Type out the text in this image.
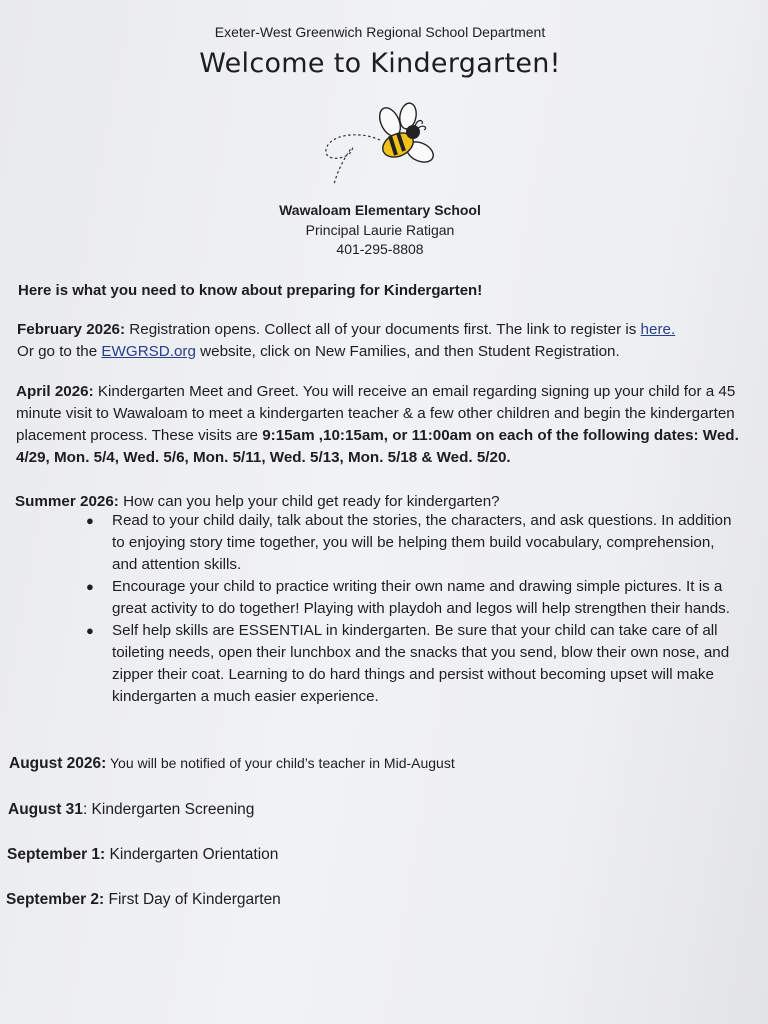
Exeter-West Greenwich Regional School Department
Welcome to Kindergarten!
Wawaloam Elementary School
Principal Laurie Ratigan
401-295-8808
Here is what you need to know about preparing for Kindergarten!
February 2026: Registration opens. Collect all of your documents first. The link to register is here.
Or go to the EWGRSD.org website, click on New Families, and then Student Registration.
April 2026: Kindergarten Meet and Greet. You will receive an email regarding signing up your child for a 45 minute visit to Wawaloam to meet a kindergarten teacher & a few other children and begin the kindergarten placement process. These visits are 9:15am ,10:15am, or 11:00am on each of the following dates: Wed. 4/29, Mon. 5/4, Wed. 5/6, Mon. 5/11, Wed. 5/13, Mon. 5/18 & Wed. 5/20.
Summer 2026: How can you help your child get ready for kindergarten?
● Read to your child daily, talk about the stories, the characters, and ask questions. In addition to enjoying story time together, you will be helping them build vocabulary, comprehension, and attention skills.
● Encourage your child to practice writing their own name and drawing simple pictures. It is a great activity to do together! Playing with playdoh and legos will help strengthen their hands.
● Self help skills are ESSENTIAL in kindergarten. Be sure that your child can take care of all toileting needs, open their lunchbox and the snacks that you send, blow their own nose, and zipper their coat. Learning to do hard things and persist without becoming upset will make kindergarten a much easier experience.
August 2026: You will be notified of your child’s teacher in Mid-August
August 31: Kindergarten Screening
September 1: Kindergarten Orientation
September 2: First Day of Kindergarten
